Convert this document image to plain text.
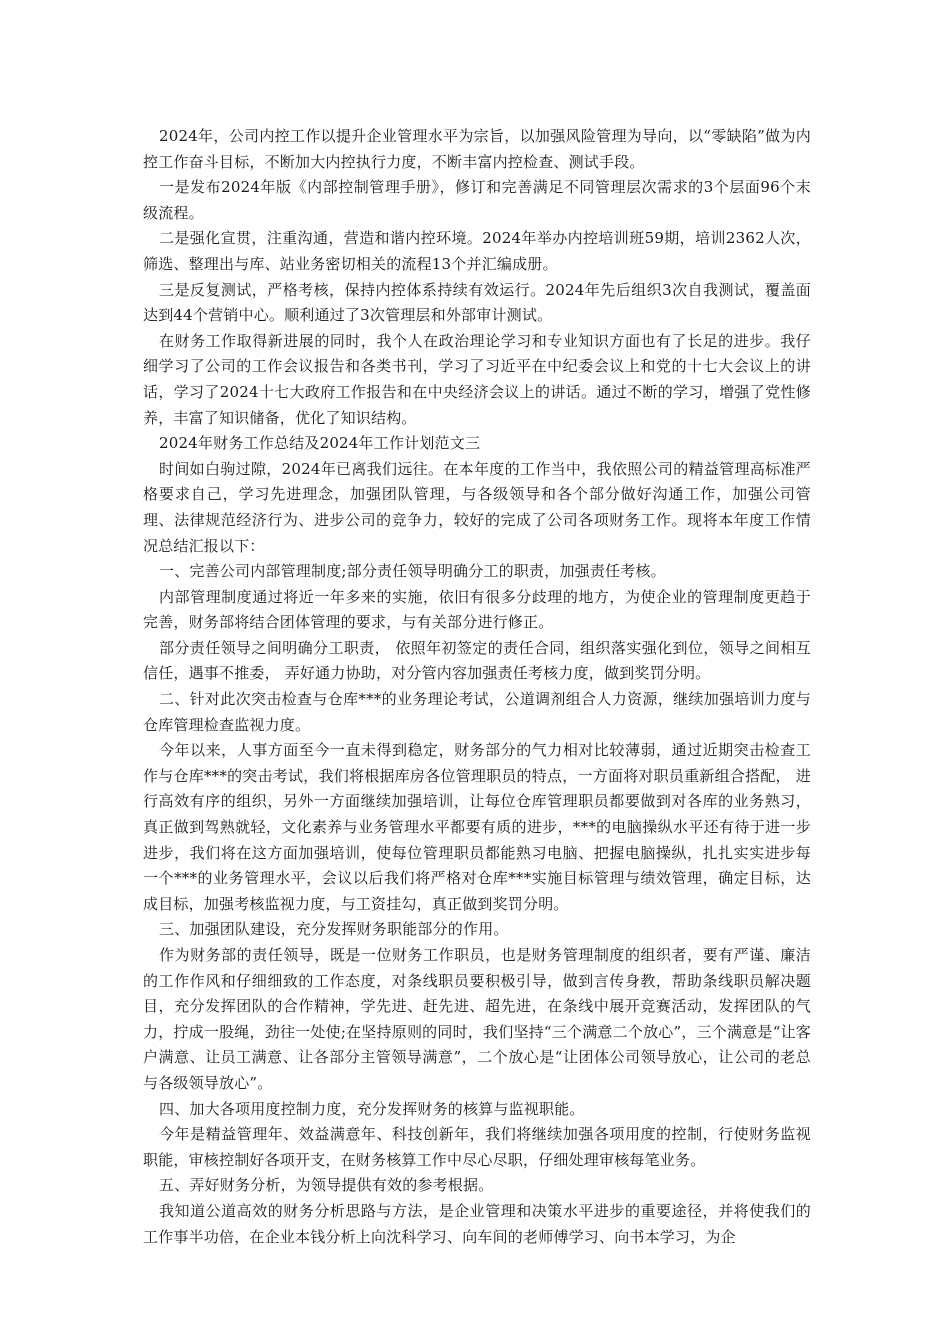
2024年，公司内控工作以提升企业管理水平为宗旨，以加强风险管理为导向，以“零缺陷”做为内控工作奋斗目标，不断加大内控执行力度，不断丰富内控检查、测试手段。

一是发布2024年版《内部控制管理手册》，修订和完善满足不同管理层次需求的3个层面96个末级流程。

二是强化宣贯，注重沟通，营造和谐内控环境。2024年举办内控培训班59期，培训2362人次，筛选、整理出与库、站业务密切相关的流程13个并汇编成册。

三是反复测试，严格考核，保持内控体系持续有效运行。2024年先后组织3次自我测试，覆盖面达到44个营销中心。顺利通过了3次管理层和外部审计测试。

在财务工作取得新进展的同时，我个人在政治理论学习和专业知识方面也有了长足的进步。我仔细学习了公司的工作会议报告和各类书刊，学习了习近平在中纪委会议上和党的十七大会议上的讲话，学习了2024十七大政府工作报告和在中央经济会议上的讲话。通过不断的学习，增强了党性修养，丰富了知识储备，优化了知识结构。

2024年财务工作总结及2024年工作计划范文三

时间如白驹过隙，2024年已离我们远往。在本年度的工作当中，我依照公司的精益管理高标准严格要求自己，学习先进理念，加强团队管理，与各级领导和各个部分做好沟通工作，加强公司管理、法律规范经济行为、进步公司的竞争力，较好的完成了公司各项财务工作。现将本年度工作情况总结汇报以下：

一、完善公司内部管理制度;部分责任领导明确分工的职责，加强责任考核。

内部管理制度通过将近一年多来的实施，依旧有很多分歧理的地方，为使企业的管理制度更趋于完善，财务部将结合团体管理的要求，与有关部分进行修正。

部分责任领导之间明确分工职责， 依照年初签定的责任合同，组织落实强化到位，领导之间相互信任，遇事不推委， 弄好通力协助，对分管内容加强责任考核力度，做到奖罚分明。

二、针对此次突击检查与仓库***的业务理论考试，公道调剂组合人力资源，继续加强培训力度与仓库管理检查监视力度。

今年以来，人事方面至今一直未得到稳定，财务部分的气力相对比较薄弱，通过近期突击检查工作与仓库***的突击考试，我们将根据库房各位管理职员的特点，一方面将对职员重新组合搭配， 进行高效有序的组织，另外一方面继续加强培训，让每位仓库管理职员都要做到对各库的业务熟习，真正做到驾熟就轻，文化素养与业务管理水平都要有质的进步，***的电脑操纵水平还有待于进一步进步，我们将在这方面加强培训，使每位管理职员都能熟习电脑、把握电脑操纵，扎扎实实进步每一个***的业务管理水平，会议以后我们将严格对仓库***实施目标管理与绩效管理，确定目标，达成目标，加强考核监视力度，与工资挂勾，真正做到奖罚分明。

三、加强团队建设，充分发挥财务职能部分的作用。

作为财务部的责任领导，既是一位财务工作职员，也是财务管理制度的组织者，要有严谨、廉洁的工作作风和仔细细致的工作态度，对条线职员要积极引导，做到言传身教，帮助条线职员解决题目，充分发挥团队的合作精神，学先进、赶先进、超先进，在条线中展开竞赛活动，发挥团队的气力，拧成一股绳，劲往一处使;在坚持原则的同时，我们坚持“三个满意二个放心”，三个满意是“让客户满意、让员工满意、让各部分主管领导满意”，二个放心是“让团体公司领导放心，让公司的老总与各级领导放心”。

四、加大各项用度控制力度，充分发挥财务的核算与监视职能。

今年是精益管理年、效益满意年、科技创新年，我们将继续加强各项用度的控制，行使财务监视职能，审核控制好各项开支，在财务核算工作中尽心尽职，仔细处理审核每笔业务。

五、弄好财务分析，为领导提供有效的参考根据。

我知道公道高效的财务分析思路与方法，是企业管理和决策水平进步的重要途径，并将使我们的工作事半功倍，在企业本钱分析上向沈科学习、向车间的老师傅学习、向书本学习，为企
